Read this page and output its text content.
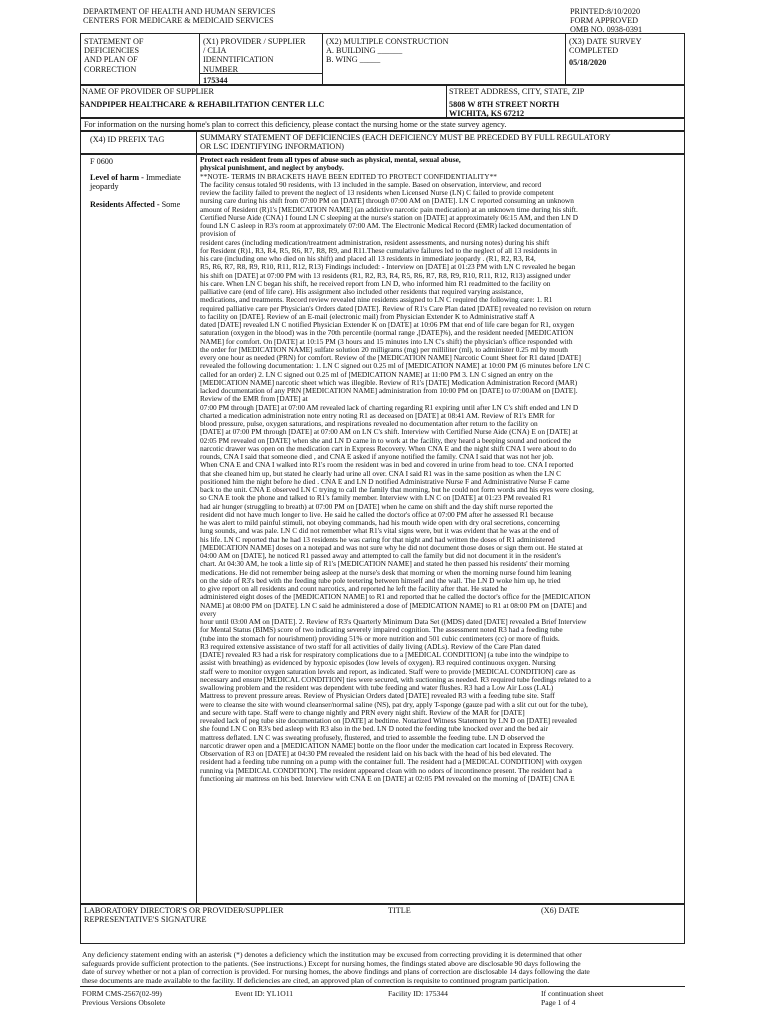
DEPARTMENT OF HEALTH AND HUMAN SERVICES
CENTERS FOR MEDICARE & MEDICAID SERVICES
PRINTED:8/10/2020
FORM APPROVED
OMB NO. 0938-0391
STATEMENT OF
DEFICIENCIES
AND PLAN OF
CORRECTION
(X1) PROVIDER / SUPPLIER
/ CLIA
IDENNTIFICATION
NUMBER
175344
(X2) MULTIPLE CONSTRUCTION
A. BUILDING ______
B. WING _____
(X3) DATE SURVEY
COMPLETED
05/18/2020
NAME OF PROVIDER OF SUPPLIER
SANDPIPER HEALTHCARE & REHABILITATION CENTER LLC
STREET ADDRESS, CITY, STATE, ZIP
5808 W 8TH STREET NORTH
WICHITA, KS 67212
For information on the nursing home's plan to correct this deficiency, please contact the nursing home or the state survey agency.
(X4) ID PREFIX TAG	SUMMARY STATEMENT OF DEFICIENCIES (EACH DEFICIENCY MUST BE PRECEDED BY FULL REGULATORY
OR LSC IDENTIFYING INFORMATION)
F 0600
Level of harm - Immediate
jeopardy
Residents Affected - Some
Protect each resident from all types of abuse such as physical, mental, sexual abuse,
physical punishment, and neglect by anybody.
**NOTE- TERMS IN BRACKETS HAVE BEEN EDITED TO PROTECT CONFIDENTIALITY**
The facility census totaled 90 residents, with 13 included in the sample. Based on observation, interview, and record
review the facility failed to prevent the neglect of 13 residents when Licensed Nurse (LN) C failed to provide competent
nursing care during his shift from 07:00 PM on [DATE] through 07:00 AM on [DATE]. LN C reported consuming an unknown
amount of Resident (R)1's [MEDICATION NAME] (an addictive narcotic pain medication) at an unknown time during his shift.
Certified Nurse Aide (CNA) I found LN C sleeping at the nurse's station on [DATE] at approximately 06:15 AM, and then LN D
found LN C asleep in R3's room at approximately 07:00 AM. The Electronic Medical Record (EMR) lacked documentation of
provision of
resident cares (including medication/treatment administration, resident assessments, and nursing notes) during his shift
for Resident (R)1, R3, R4, R5, R6, R7, R8, R9, and R11.These cumulative failures led to the neglect of all 13 residents in
his care (including one who died on his shift) and placed all 13 residents in immediate jeopardy . (R1, R2, R3, R4,
R5, R6, R7, R8, R9, R10, R11, R12, R13) Findings included: - Interview on [DATE] at 01:23 PM with LN C revealed he began
his shift on [DATE] at 07:00 PM with 13 residents (R1, R2, R3, R4, R5, R6, R7, R8, R9, R10, R11, R12, R13) assigned under
his care. When LN C began his shift, he received report from LN D, who informed him R1 readmitted to the facility on
palliative care (end of life care). His assignment also included other residents that required varying assistance,
medications, and treatments. Record review revealed nine residents assigned to LN C required the following care: 1. R1
required palliative care per Physician's Orders dated [DATE]. Review of R1's Care Plan dated [DATE] revealed no revision on return
to facility on [DATE]. Review of an E-mail (electronic mail) from Physician Extender K to Administrative staff A
dated [DATE] revealed LN C notified Physician Extender K on [DATE] at 10:06 PM that end of life care began for R1, oxygen
saturation (oxygen in the blood) was in the 70th percentile (normal range ,[DATE]%), and the resident needed [MEDICATION
NAME] for comfort. On [DATE] at 10:15 PM (3 hours and 15 minutes into LN C's shift) the physician's office responded with
the order for [MEDICATION NAME] sulfate solution 20 milligrams (mg) per milliliter (ml), to administer 0.25 ml by mouth
every one hour as needed (PRN) for comfort. Review of the [MEDICATION NAME] Narcotic Count Sheet for R1 dated [DATE]
revealed the following documentation: 1. LN C signed out 0.25 ml of [MEDICATION NAME] at 10:00 PM (6 minutes before LN C
called for an order) 2. LN C signed out 0.25 ml of [MEDICATION NAME] at 11:00 PM 3. LN C signed an entry on the
[MEDICATION NAME] narcotic sheet which was illegible. Review of R1's [DATE] Medication Administration Record (MAR)
lacked documentation of any PRN [MEDICATION NAME] administration from 10:00 PM on [DATE] to 07:00AM on [DATE].
Review of the EMR from [DATE] at
07:00 PM through [DATE] at 07:00 AM revealed lack of charting regarding R1 expiring until after LN C's shift ended and LN D
charted a medication administration note entry noting R1 as deceased on [DATE] at 08:41 AM. Review of R1's EMR for
blood pressure, pulse, oxygen saturations, and respirations revealed no documentation after return to the facility on
[DATE] at 07:00 PM through [DATE] at 07:00 AM on LN C's shift. Interview with Certified Nurse Aide (CNA) E on [DATE] at
02:05 PM revealed on [DATE] when she and LN D came in to work at the facility, they heard a beeping sound and noticed the
narcotic drawer was open on the medication cart in Express Recovery. When CNA E and the night shift CNA I were about to do
rounds, CNA I said that someone died , and CNA E asked if anyone notified the family. CNA I said that was not her job.
When CNA E and CNA I walked into R1's room the resident was in bed and covered in urine from head to toe. CNA I reported
that she cleaned him up, but stated he clearly had urine all over. CNA I said R1 was in the same position as when the LN C
positioned him the night before he died . CNA E and LN D notified Administrative Nurse F and Administrative Nurse F came
back to the unit. CNA E observed LN C trying to call the family that morning, but he could not form words and his eyes were closing,
so CNA E took the phone and talked to R1's family member. Interview with LN C on [DATE] at 01:23 PM revealed R1
had air hunger (struggling to breath) at 07:00 PM on [DATE] when he came on shift and the day shift nurse reported the
resident did not have much longer to live. He said he called the doctor's office at 07:00 PM after he assessed R1 because
he was alert to mild painful stimuli, not obeying commands, had his mouth wide open with dry oral secretions, concerning
lung sounds, and was pale. LN C did not remember what R1's vital signs were, but it was evident that he was at the end of
his life. LN C reported that he had 13 residents he was caring for that night and had written the doses of R1 administered
[MEDICATION NAME] doses on a notepad and was not sure why he did not document those doses or sign them out. He stated at
04:00 AM on [DATE], he noticed R1 passed away and attempted to call the family but did not document it in the resident's
chart. At 04:30 AM, he took a little sip of R1's [MEDICATION NAME] and stated he then passed his residents' their morning
medications. He did not remember being asleep at the nurse's desk that morning or when the morning nurse found him leaning
on the side of R3's bed with the feeding tube pole teetering between himself and the wall. The LN D woke him up, he tried
to give report on all residents and count narcotics, and reported he left the facility after that. He stated he
administered eight doses of the [MEDICATION NAME] to R1 and reported that he called the doctor's office for the [MEDICATION
NAME] at 08:00 PM on [DATE]. LN C said he administered a dose of [MEDICATION NAME] to R1 at 08:00 PM on [DATE] and
every
hour until 03:00 AM on [DATE]. 2. Review of R3's Quarterly Minimum Data Set ((MDS) dated [DATE] revealed a Brief Interview
for Mental Status (BIMS) score of two indicating severely impaired cognition. The assessment noted R3 had a feeding tube
(tube into the stomach for nourishment) providing 51% or more nutrition and 501 cubic centimeters (cc) or more of fluids.
R3 required extensive assistance of two staff for all activities of daily living (ADLs). Review of the Care Plan dated
[DATE] revealed R3 had a risk for respiratory complications due to a [MEDICAL CONDITION] (a tube into the windpipe to
assist with breathing) as evidenced by hypoxic episodes (low levels of oxygen). R3 required continuous oxygen. Nursing
staff were to monitor oxygen saturation levels and report, as indicated. Staff were to provide [MEDICAL CONDITION] care as
necessary and ensure [MEDICAL CONDITION] ties were secured, with suctioning as needed. R3 required tube feedings related to a
swallowing problem and the resident was dependent with tube feeding and water flushes. R3 had a Low Air Loss (LAL)
Mattress to prevent pressure areas. Review of Physician Orders dated [DATE] revealed R3 with a feeding tube site. Staff
were to cleanse the site with wound cleanser/normal saline (NS), pat dry, apply T-sponge (gauze pad with a slit cut out for the tube),
and secure with tape. Staff were to change nightly and PRN every night shift. Review of the MAR for [DATE]
revealed lack of peg tube site documentation on [DATE] at bedtime. Notarized Witness Statement by LN D on [DATE] revealed
she found LN C on R3's bed asleep with R3 also in the bed. LN D noted the feeding tube knocked over and the bed air
mattress deflated. LN C was sweating profusely, flustered, and tried to assemble the feeding tube. LN D observed the
narcotic drawer open and a [MEDICATION NAME] bottle on the floor under the medication cart located in Express Recovery.
Observation of R3 on [DATE] at 04:30 PM revealed the resident laid on his back with the head of his bed elevated. The
resident had a feeding tube running on a pump with the container full. The resident had a [MEDICAL CONDITION] with oxygen
running via [MEDICAL CONDITION]. The resident appeared clean with no odors of incontinence present. The resident had a
functioning air mattress on his bed. Interview with CNA E on [DATE] at 02:05 PM revealed on the morning of [DATE] CNA E
LABORATORY DIRECTOR'S OR PROVIDER/SUPPLIER
REPRESENTATIVE'S SIGNATURE
TITLE	(X6) DATE
Any deficiency statement ending with an asterisk (*) denotes a deficiency which the institution may be excused from correcting providing it is determined that other
safeguards provide sufficient protection to the patients. (See instructions.) Except for nursing homes, the findings stated above are disclosable 90 days following the
date of survey whether or not a plan of correction is provided. For nursing homes, the above findings and plans of correction are disclosable 14 days following the date
these documents are made available to the facility. If deficiencies are cited, an approved plan of correction is requisite to continued program participation.
FORM CMS-2567(02-99)
Previous Versions Obsolete
Event ID: YL1O11	Facility ID: 175344	If continuation sheet
Page 1 of 4
